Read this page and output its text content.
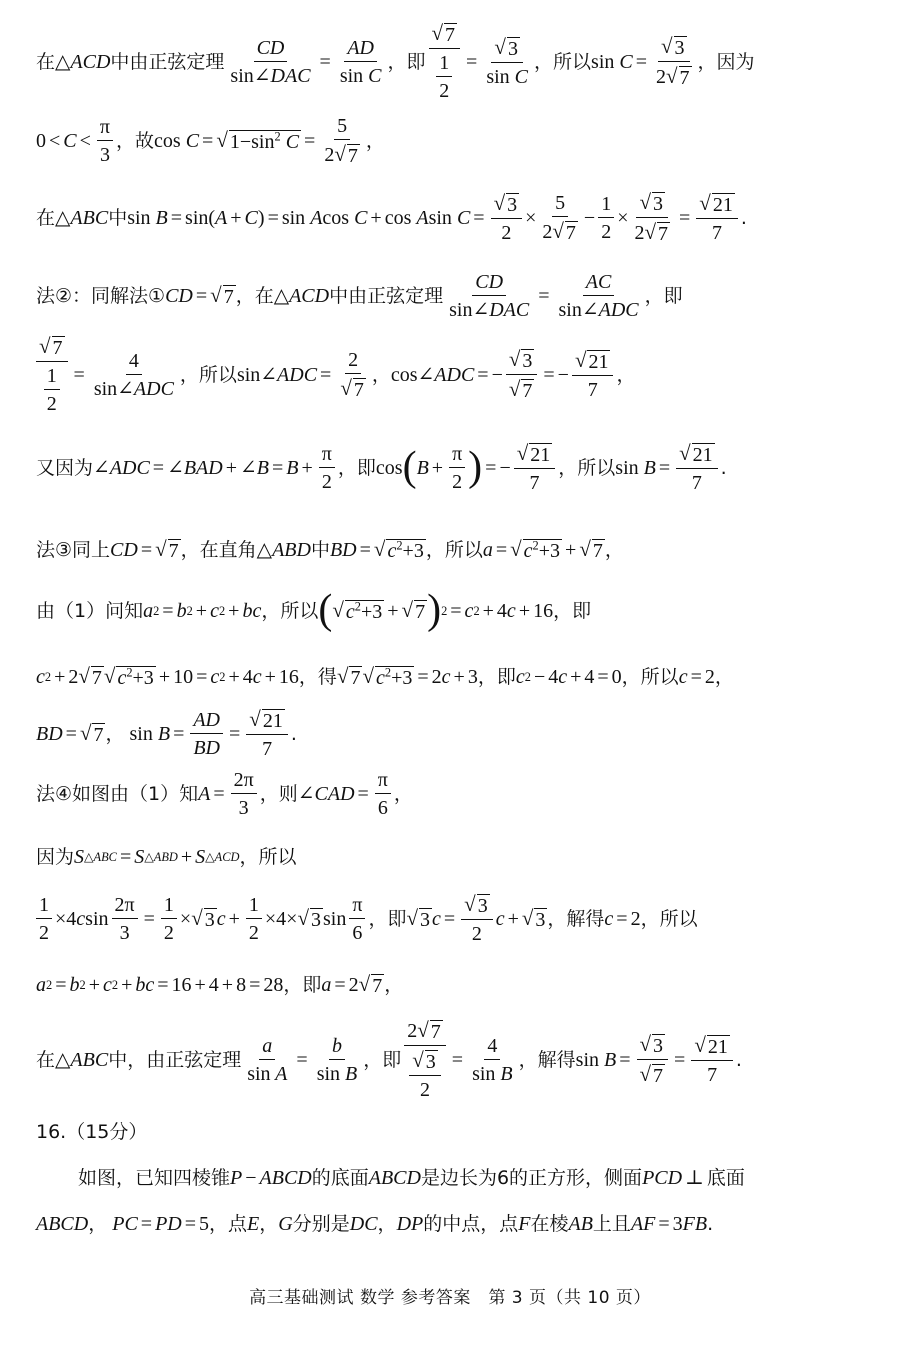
在 △ ACD 中由正弦定理
CD
sin∠DAC
= $\frac{AD}{\text{sin C}}$ ，即 $\frac{√ 7}{\frac{1}{2}} = \frac{√ 3}{\text{sin C}}$ ，所以 $\sin C = \frac{√ 3}{2 √ 7}$ ，因为
0 < C <
π
3
，故 cos C = √ $1-\sin^2$ $C = \frac{5}{2 √ 7}$ ，
在 △ ABC 中 sin B = sin( A + C ) = sin A cos C + cos A $\sin C = \frac{√ 3}{2}$ ×
5
2 √ 7
−
1
2
× $\frac{√ 3}{2 √ 7} = \frac{√ 21}{7}$ .
法②：同解法① CD = √ 7 ，在 △ ACD 中由正弦定理
CD
sin∠DAC
=
AC
sin∠ADC
，即
$\frac{√ 7}{\frac{1}{2}}$ =
4
sin∠ADC
，所以 sin∠ ADC = $\frac{2}{√ 7}$ ， cos∠ ADC = − $\frac{√ 3}{√ 7}$ = − $\frac{√ 21}{7}$ ，
又因为 ∠ ADC = ∠ BAD + ∠ $B = B + \frac{\pi}{2}$ ，即 cos ( $B + \frac{\pi}{2}$ ) = − $\frac{√ 21}{7}$ ，所以 $\sin B = \frac{√ 21}{7}$ .
法③同上 CD = √ 7 ，在直角 △ ABD 中 BD = √ $c^2+3$ ，所以 a = √ $c^2+3$ + √ 7 ，
由（1）问知 a 2 = b 2 + c 2 + bc ，所以 ( √ $c^2+3$ + √ 7 ) 2 = c 2 + 4 c + 16 ，即
c 2 + 2 √ 7 √ $c^2+3 + 10 = c$ 2 + 4 c + 16 ，得 √ 7 √ $c^2+3 = 2$ c + 3 ，即 c 2 − 4 c + 4 = 0 ，所以 c = 2 ，
BD = √ 7 ， $\sin B = \frac{AD}{BD} = \frac{√ 21}{7}$ .
法④如图由（1）知 $A = \frac{2\pi}{3}$ ，则 ∠ CAD = $\frac{\pi}{6}$ ，
因为 S △ABC = S △ABD + S △ACD ，所以
1
2
×4 c $\sin \frac{2\pi}{3} = \frac{1}{2}$ × √ 3 $c + \frac{1}{2} \times 4\times$ √ 3 sin
π
6
，即 √ 3 $c = \frac{√ 3}{2}$ c + √ 3 ，解得 c = 2 ，所以
a 2 = b 2 + c 2 + bc = 16 + 4 + 8 = 28 ，即 a = 2 √ 7 ，
在 △ ABC 中，由正弦定理 $\frac{a}{\text{sin A}} = \frac{b}{\text{sin B}}$ ，即 $\frac{2 √ 7}{\frac{√ 3}{2}} = \frac{4}{\text{sin B}}$ ，解得 $\sin B = \frac{√ 3}{√ 7} = \frac{√ 21}{7}$ .
16.（15分）
如图，已知四棱锥 P − ABCD 的底面 ABCD 是边长为6的正方形，侧面 PCD ⊥ 底面
ABCD ，
PC = PD = 5 ，点 E ， G 分别是 DC ， DP 的中点，点 F 在棱 AB 上且 AF = 3 FB .
高三基础测试 数学 参考答案　第 3 页（共 10 页）
